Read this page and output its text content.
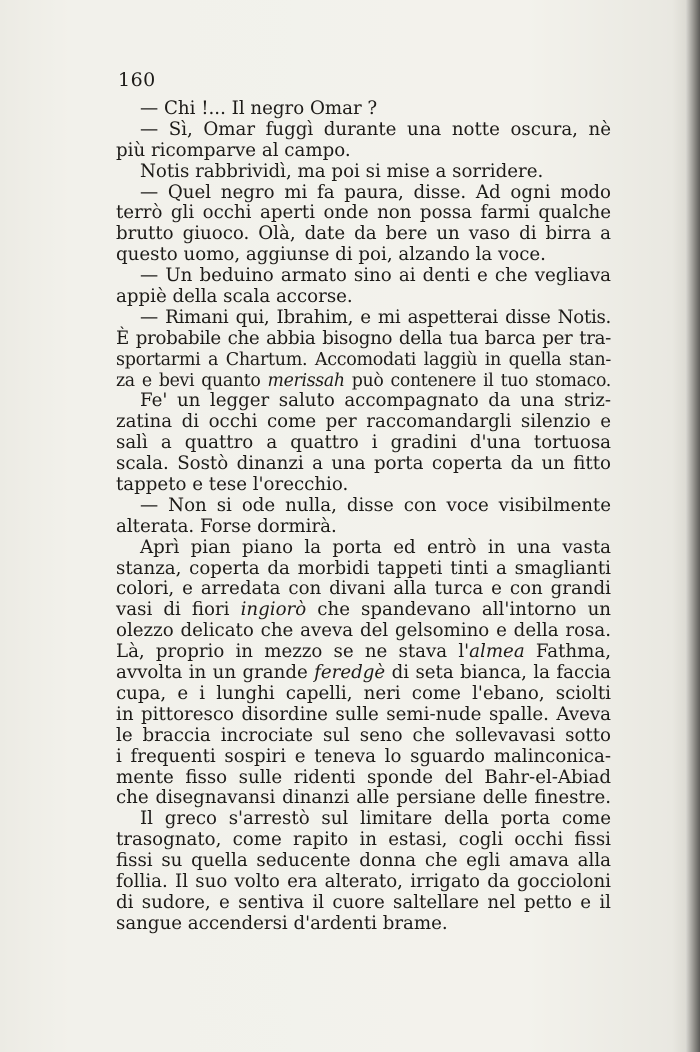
160
— Chi !... Il negro Omar ?
— Sì, Omar fuggì durante una notte oscura, nè
più ricomparve al campo.
Notis rabbrividì, ma poi si mise a sorridere.
— Quel negro mi fa paura, disse. Ad ogni modo
terrò gli occhi aperti onde non possa farmi qualche
brutto giuoco. Olà, date da bere un vaso di birra a
questo uomo, aggiunse di poi, alzando la voce.
— Un beduino armato sino ai denti e che vegliava
appiè della scala accorse.
— Rimani qui, Ibrahim, e mi aspetterai disse Notis.
È probabile che abbia bisogno della tua barca per tra-
sportarmi a Chartum. Accomodati laggiù in quella stan-
za e bevi quanto merissah può contenere il tuo stomaco.
Fe' un legger saluto accompagnato da una striz-
zatina di occhi come per raccomandargli silenzio e
salì a quattro a quattro i gradini d'una tortuosa
scala. Sostò dinanzi a una porta coperta da un fitto
tappeto e tese l'orecchio.
— Non si ode nulla, disse con voce visibilmente
alterata. Forse dormirà.
Aprì pian piano la porta ed entrò in una vasta
stanza, coperta da morbidi tappeti tinti a smaglianti
colori, e arredata con divani alla turca e con grandi
vasi di fiori ingiorò che spandevano all'intorno un
olezzo delicato che aveva del gelsomino e della rosa.
Là, proprio in mezzo se ne stava l'almea Fathma,
avvolta in un grande feredgè di seta bianca, la faccia
cupa, e i lunghi capelli, neri come l'ebano, sciolti
in pittoresco disordine sulle semi-nude spalle. Aveva
le braccia incrociate sul seno che sollevavasi sotto
i frequenti sospiri e teneva lo sguardo malinconica-
mente fisso sulle ridenti sponde del Bahr-el-Abiad
che disegnavansi dinanzi alle persiane delle finestre.
Il greco s'arrestò sul limitare della porta come
trasognato, come rapito in estasi, cogli occhi fissi
fissi su quella seducente donna che egli amava alla
follia. Il suo volto era alterato, irrigato da goccioloni
di sudore, e sentiva il cuore saltellare nel petto e il
sangue accendersi d'ardenti brame.
